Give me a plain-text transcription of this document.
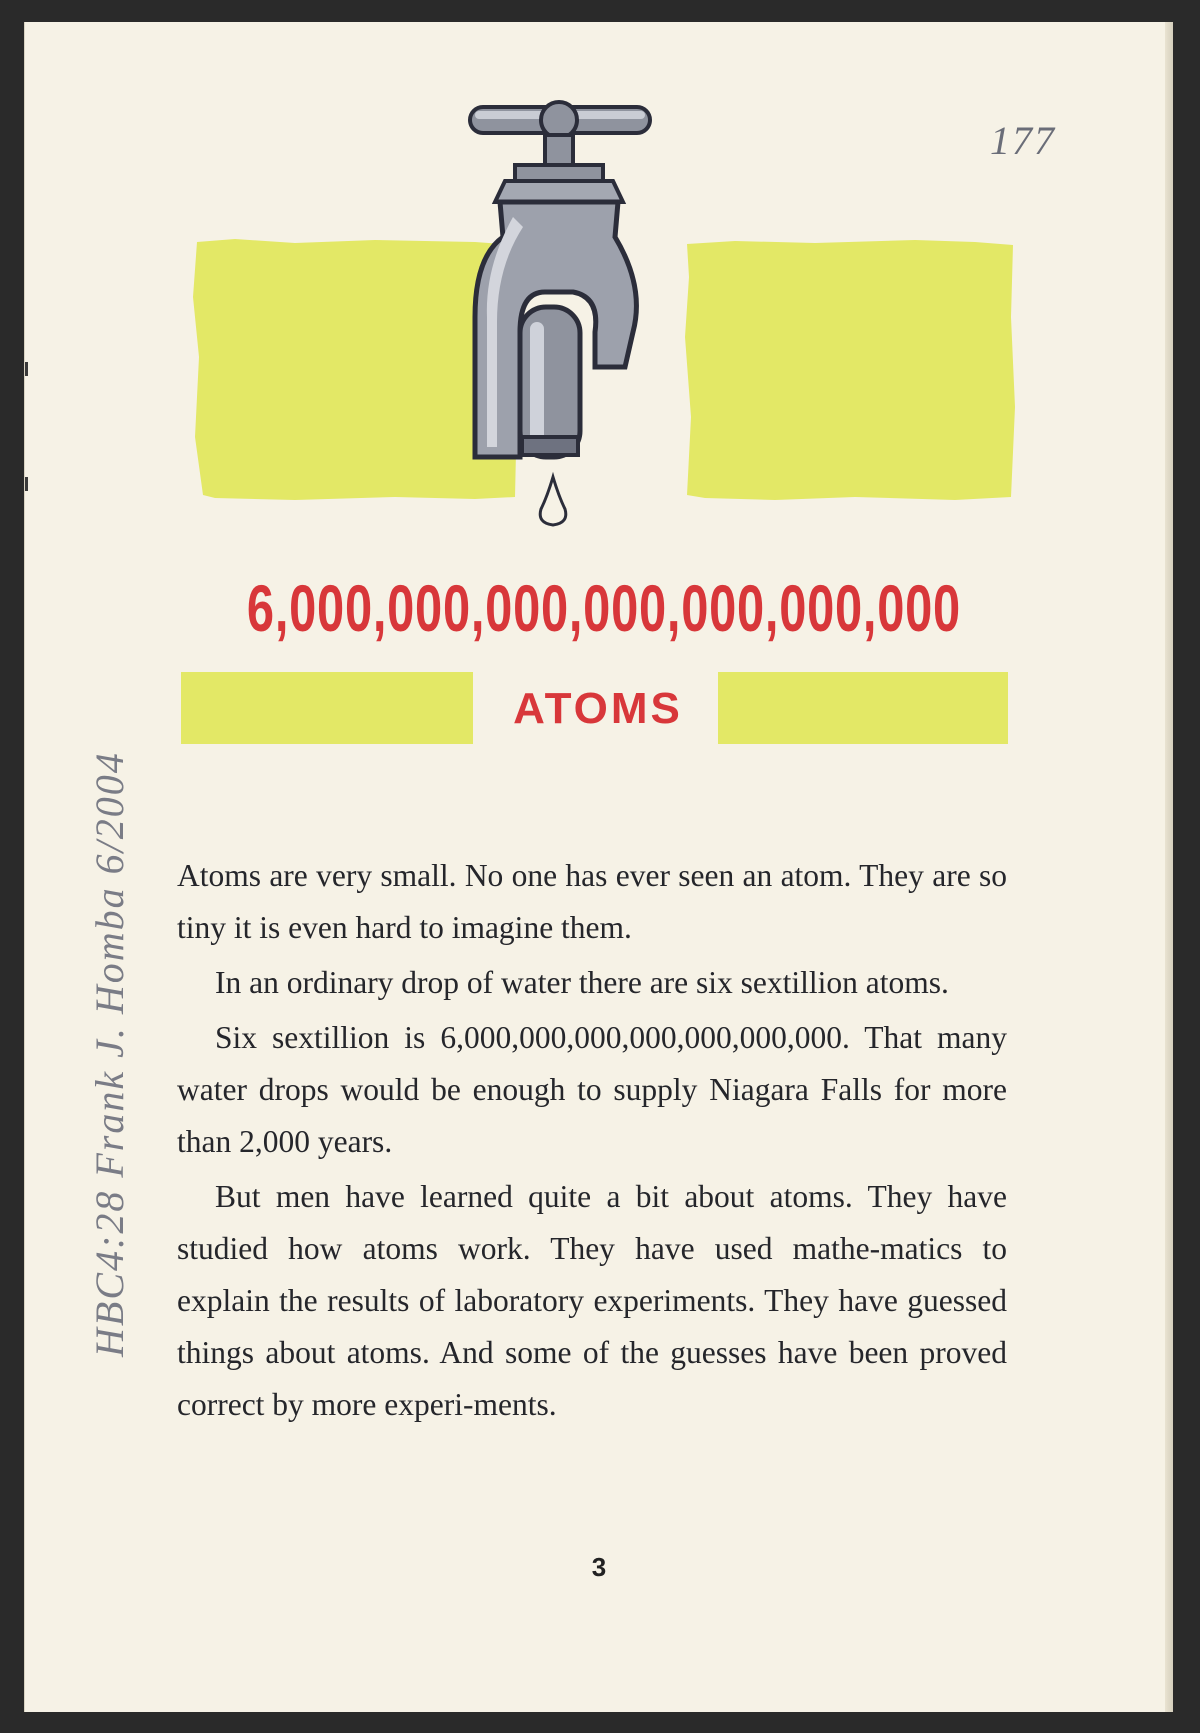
177
6,000,000,000,000,000,000,000
ATOMS

Atoms are very small. No one has ever seen an atom. They are so tiny it is even hard to imagine them.

In an ordinary drop of water there are six sextillion atoms.

Six sextillion is 6,000,000,000,000,000,000,000. That many water drops would be enough to supply Niagara Falls for more than 2,000 years.

But men have learned quite a bit about atoms. They have studied how atoms work. They have used mathe-matics to explain the results of laboratory experiments. They have guessed things about atoms. And some of the guesses have been proved correct by more experi-ments.

3
HBC4:28 Frank J. Homba 6/2004
